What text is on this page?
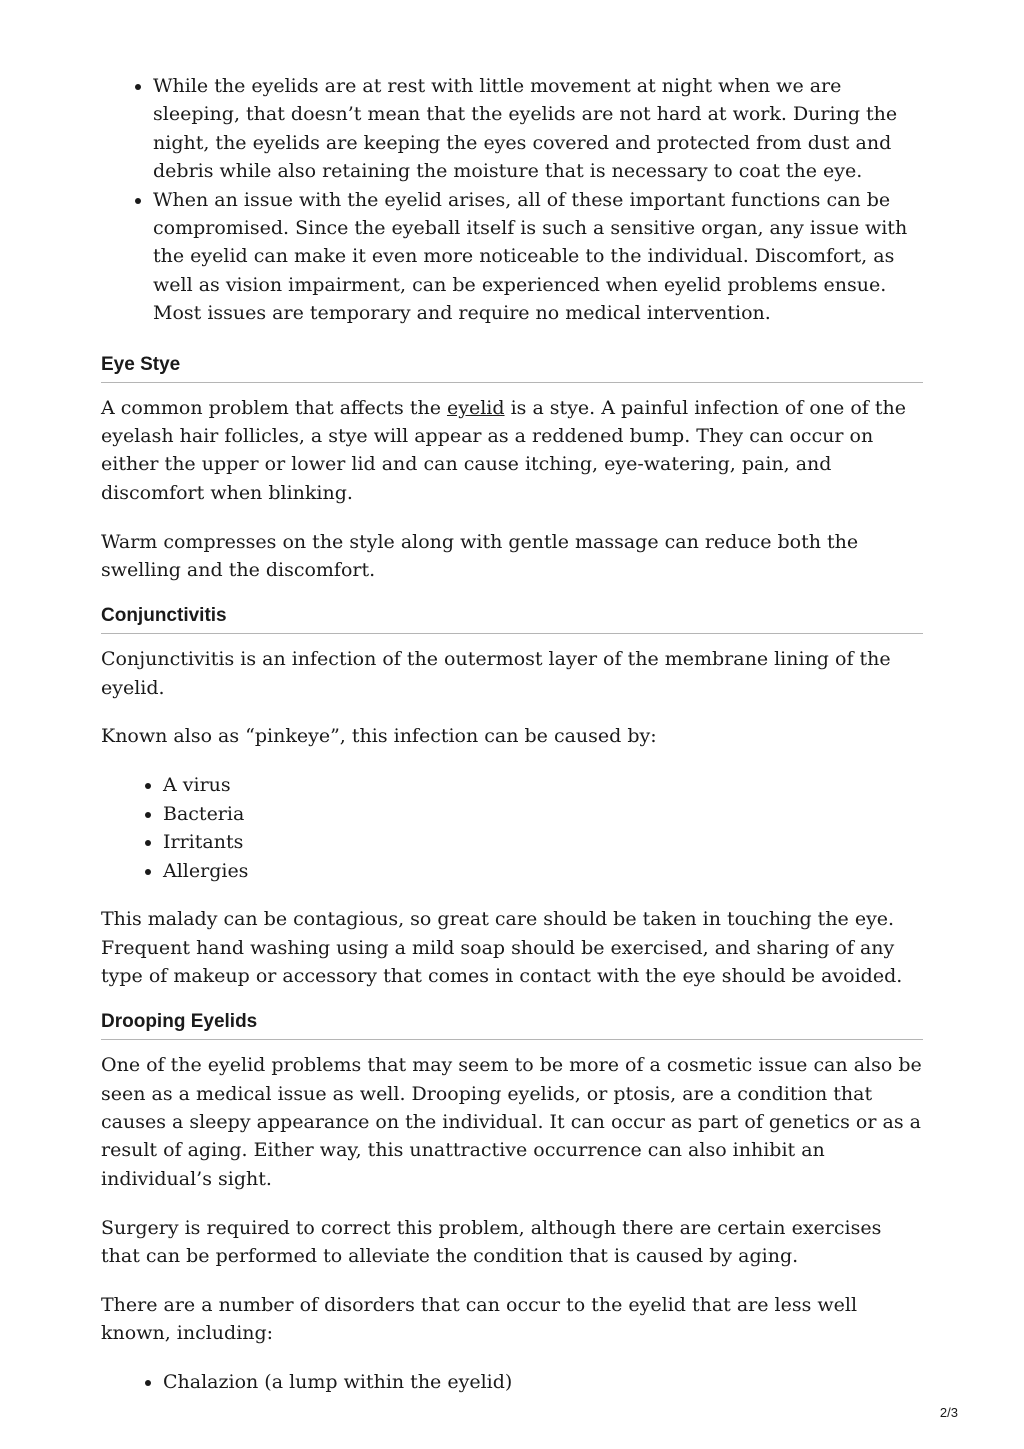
• While the eyelids are at rest with little movement at night when we are sleeping, that doesn’t mean that the eyelids are not hard at work. During the night, the eyelids are keeping the eyes covered and protected from dust and debris while also retaining the moisture that is necessary to coat the eye.
• When an issue with the eyelid arises, all of these important functions can be compromised. Since the eyeball itself is such a sensitive organ, any issue with the eyelid can make it even more noticeable to the individual. Discomfort, as well as vision impairment, can be experienced when eyelid problems ensue. Most issues are temporary and require no medical intervention.
Eye Stye

A common problem that affects the eyelid is a stye. A painful infection of one of the eyelash hair follicles, a stye will appear as a reddened bump. They can occur on either the upper or lower lid and can cause itching, eye-watering, pain, and discomfort when blinking.

Warm compresses on the style along with gentle massage can reduce both the swelling and the discomfort.

Conjunctivitis

Conjunctivitis is an infection of the outermost layer of the membrane lining of the eyelid.

Known also as “pinkeye”, this infection can be caused by:

• A virus
• Bacteria
• Irritants
• Allergies

This malady can be contagious, so great care should be taken in touching the eye. Frequent hand washing using a mild soap should be exercised, and sharing of any type of makeup or accessory that comes in contact with the eye should be avoided.

Drooping Eyelids

One of the eyelid problems that may seem to be more of a cosmetic issue can also be seen as a medical issue as well. Drooping eyelids, or ptosis, are a condition that causes a sleepy appearance on the individual. It can occur as part of genetics or as a result of aging. Either way, this unattractive occurrence can also inhibit an individual’s sight.

Surgery is required to correct this problem, although there are certain exercises that can be performed to alleviate the condition that is caused by aging.

There are a number of disorders that can occur to the eyelid that are less well known, including:

• Chalazion (a lump within the eyelid)
2/3
